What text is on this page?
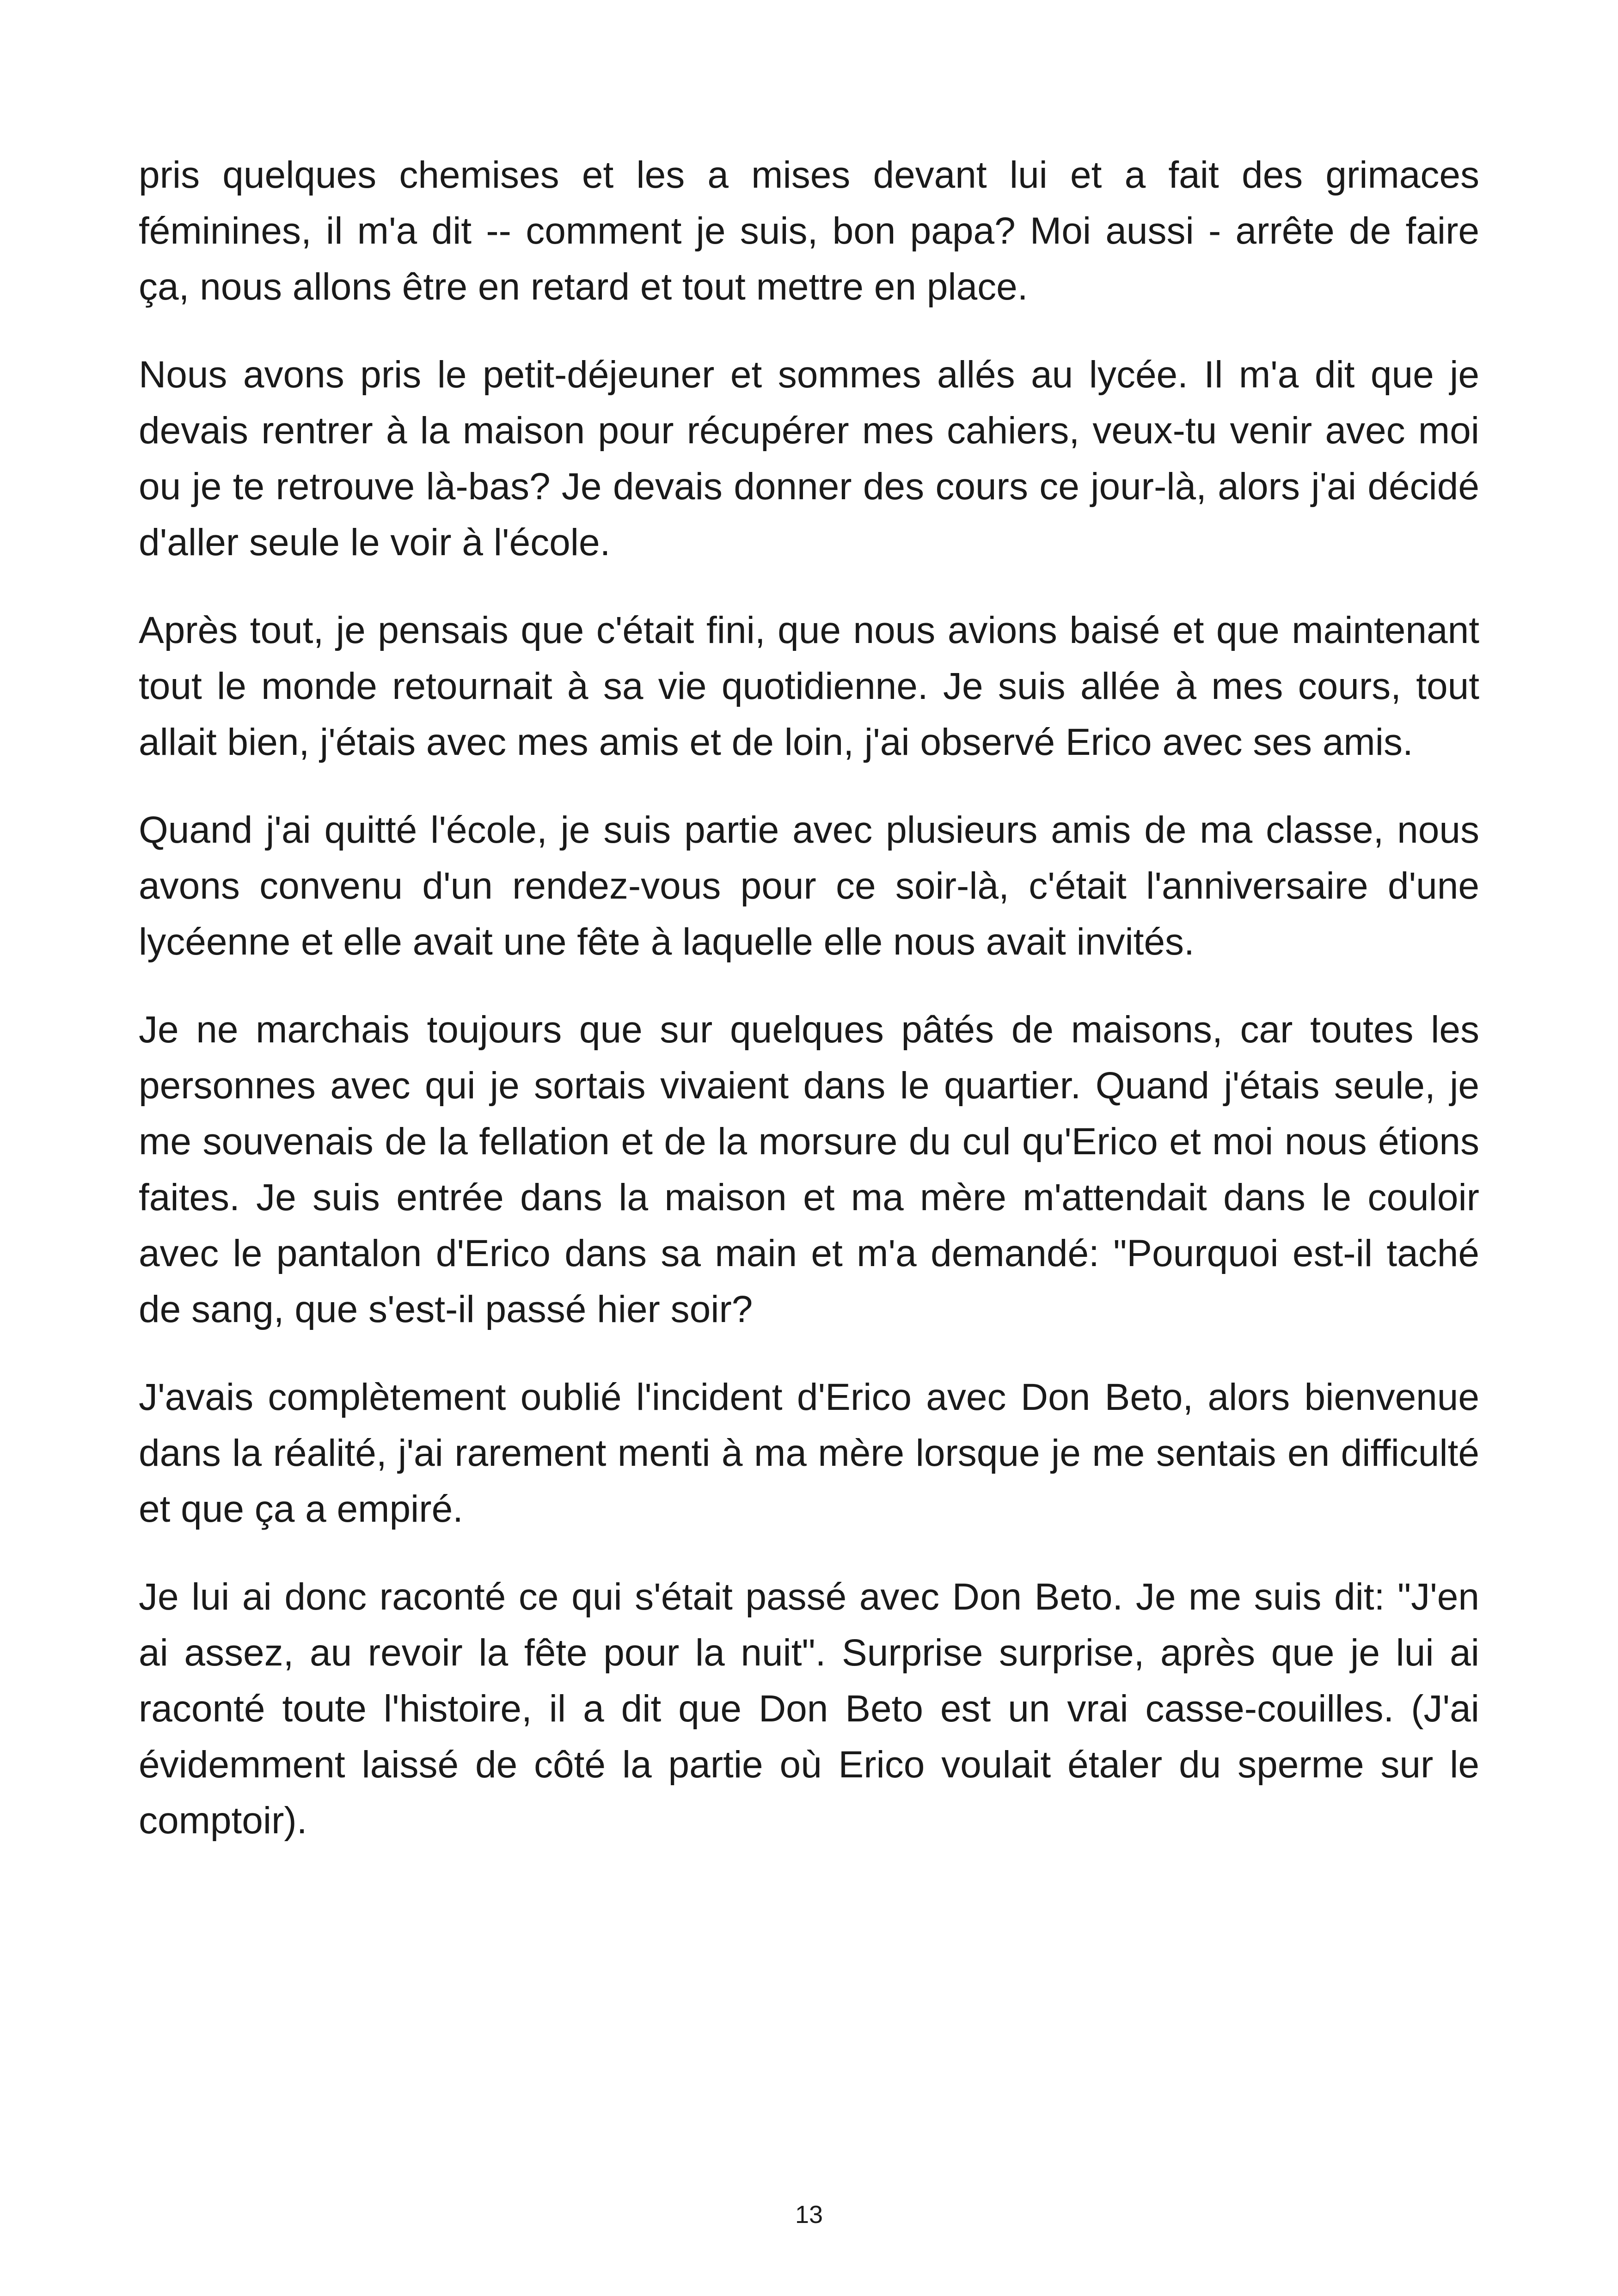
pris quelques chemises et les a mises devant lui et a fait des grimaces féminines, il m'a dit -- comment je suis, bon papa? Moi aussi - arrête de faire ça, nous allons être en retard et tout mettre en place.

Nous avons pris le petit-déjeuner et sommes allés au lycée. Il m'a dit que je devais rentrer à la maison pour récupérer mes cahiers, veux-tu venir avec moi ou je te retrouve là-bas? Je devais donner des cours ce jour-là, alors j'ai décidé d'aller seule le voir à l'école.

Après tout, je pensais que c'était fini, que nous avions baisé et que maintenant tout le monde retournait à sa vie quotidienne. Je suis allée à mes cours, tout allait bien, j'étais avec mes amis et de loin, j'ai observé Erico avec ses amis.

Quand j'ai quitté l'école, je suis partie avec plusieurs amis de ma classe, nous avons convenu d'un rendez-vous pour ce soir-là, c'était l'anniversaire d'une lycéenne et elle avait une fête à laquelle elle nous avait invités.

Je ne marchais toujours que sur quelques pâtés de maisons, car toutes les personnes avec qui je sortais vivaient dans le quartier. Quand j'étais seule, je me souvenais de la fellation et de la morsure du cul qu'Erico et moi nous étions faites. Je suis entrée dans la maison et ma mère m'attendait dans le couloir avec le pantalon d'Erico dans sa main et m'a demandé: "Pourquoi est-il taché de sang, que s'est-il passé hier soir?

J'avais complètement oublié l'incident d'Erico avec Don Beto, alors bienvenue dans la réalité, j'ai rarement menti à ma mère lorsque je me sentais en difficulté et que ça a empiré.

Je lui ai donc raconté ce qui s'était passé avec Don Beto. Je me suis dit: "J'en ai assez, au revoir la fête pour la nuit". Surprise surprise, après que je lui ai raconté toute l'histoire, il a dit que Don Beto est un vrai casse-couilles. (J'ai évidemment laissé de côté la partie où Erico voulait étaler du sperme sur le comptoir).

13
